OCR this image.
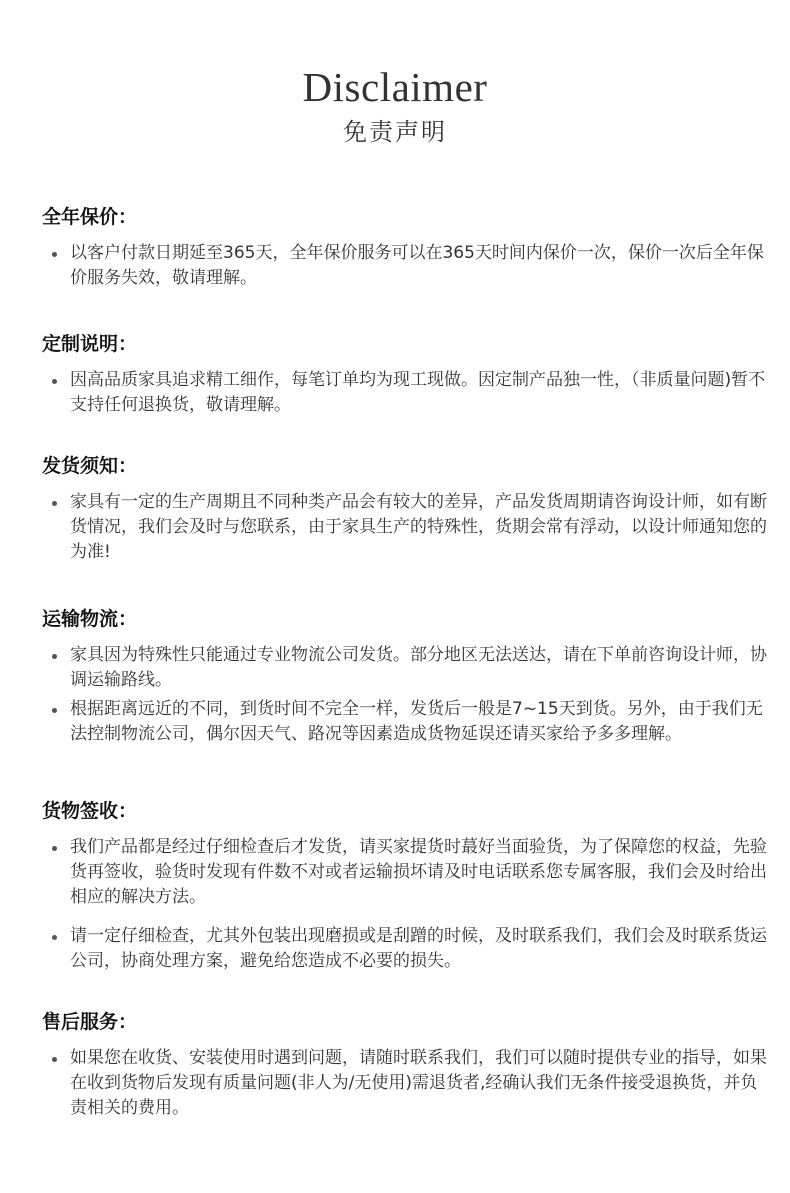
Disclaimer
免责声明
全年保价：
以客户付款日期延至365天，全年保价服务可以在365天时间内保价一次，保价一次后全年保价服务失效，敬请理解。
定制说明：
因高品质家具追求精工细作，每笔订单均为现工现做。因定制产品独一性，（非质量问题)暂不支持任何退换货，敬请理解。
发货须知：
家具有一定的生产周期且不同种类产品会有较大的差异，产品发货周期请咨询设计师，如有断货情况，我们会及时与您联系，由于家具生产的特殊性，货期会常有浮动，以设计师通知您的为准!
运输物流：
家具因为特殊性只能通过专业物流公司发货。部分地区无法送达，请在下单前咨询设计师，协调运输路线。
根据距离远近的不同，到货时间不完全一样，发货后一般是7~15天到货。另外，由于我们无法控制物流公司，偶尔因天气、路况等因素造成货物延误还请买家给予多多理解。
货物签收：
我们产品都是经过仔细检查后才发货，请买家提货时蕞好当面验货，为了保障您的权益，先验货再签收，验货时发现有件数不对或者运输损坏请及时电话联系您专属客服，我们会及时给出相应的解决方法。
请一定仔细检查，尤其外包装出现磨损或是刮蹭的时候，及时联系我们，我们会及时联系货运公司，协商处理方案，避免给您造成不必要的损失。
售后服务：
如果您在收货、安装使用时遇到问题，请随时联系我们，我们可以随时提供专业的指导，如果在收到货物后发现有质量问题(非人为/无使用)需退货者,经确认我们无条件接受退换货，并负责相关的费用。
